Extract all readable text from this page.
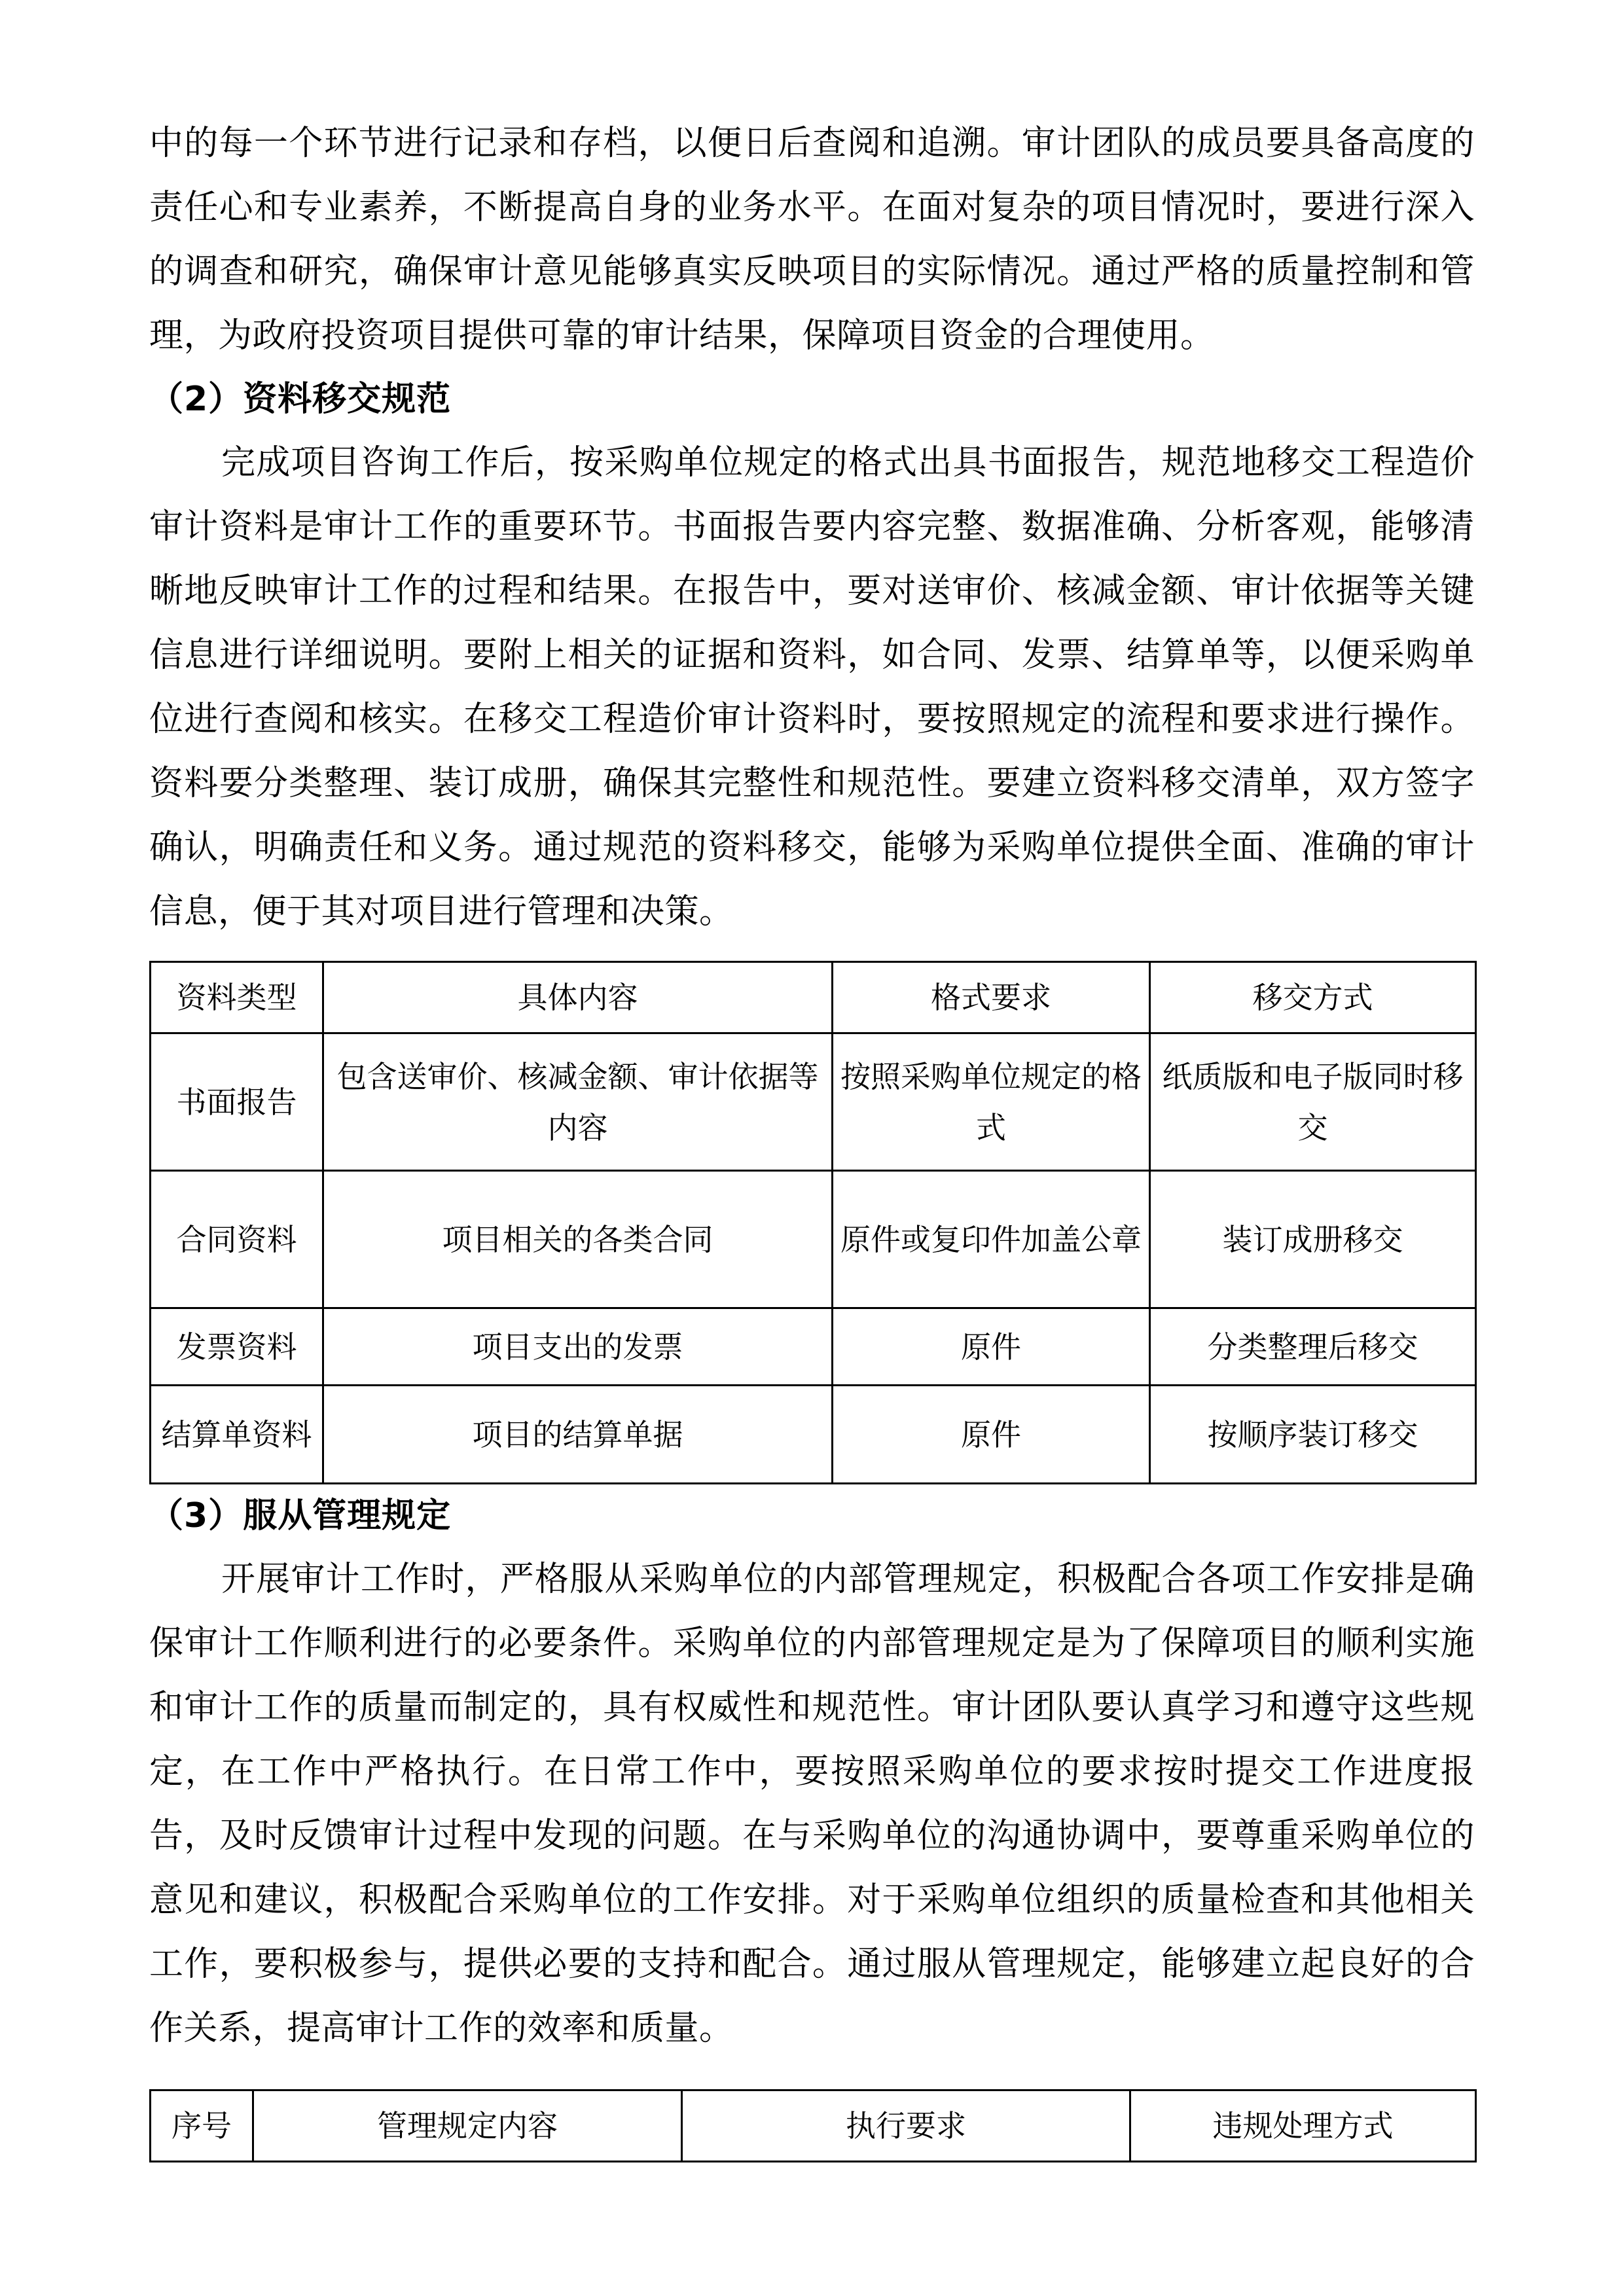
中的每一个环节进行记录和存档，以便日后查阅和追溯。审计团队的成员要具备高度的责任心和专业素养，不断提高自身的业务水平。在面对复杂的项目情况时，要进行深入的调查和研究，确保审计意见能够真实反映项目的实际情况。通过严格的质量控制和管理，为政府投资项目提供可靠的审计结果，保障项目资金的合理使用。

（2）资料移交规范

完成项目咨询工作后，按采购单位规定的格式出具书面报告，规范地移交工程造价审计资料是审计工作的重要环节。书面报告要内容完整、数据准确、分析客观，能够清晰地反映审计工作的过程和结果。在报告中，要对送审价、核减金额、审计依据等关键信息进行详细说明。要附上相关的证据和资料，如合同、发票、结算单等，以便采购单位进行查阅和核实。在移交工程造价审计资料时，要按照规定的流程和要求进行操作。资料要分类整理、装订成册，确保其完整性和规范性。要建立资料移交清单，双方签字确认，明确责任和义务。通过规范的资料移交，能够为采购单位提供全面、准确的审计信息，便于其对项目进行管理和决策。

资料类型	具体内容	格式要求	移交方式
书面报告	包含送审价、核减金额、审计依据等内容	按照采购单位规定的格式	纸质版和电子版同时移交
合同资料	项目相关的各类合同	原件或复印件加盖公章	装订成册移交
发票资料	项目支出的发票	原件	分类整理后移交
结算单资料	项目的结算单据	原件	按顺序装订移交
（3）服从管理规定

开展审计工作时，严格服从采购单位的内部管理规定，积极配合各项工作安排是确保审计工作顺利进行的必要条件。采购单位的内部管理规定是为了保障项目的顺利实施和审计工作的质量而制定的，具有权威性和规范性。审计团队要认真学习和遵守这些规定，在工作中严格执行。在日常工作中，要按照采购单位的要求按时提交工作进度报告，及时反馈审计过程中发现的问题。在与采购单位的沟通协调中，要尊重采购单位的意见和建议，积极配合采购单位的工作安排。对于采购单位组织的质量检查和其他相关工作，要积极参与，提供必要的支持和配合。通过服从管理规定，能够建立起良好的合作关系，提高审计工作的效率和质量。

序号	管理规定内容	执行要求	违规处理方式
